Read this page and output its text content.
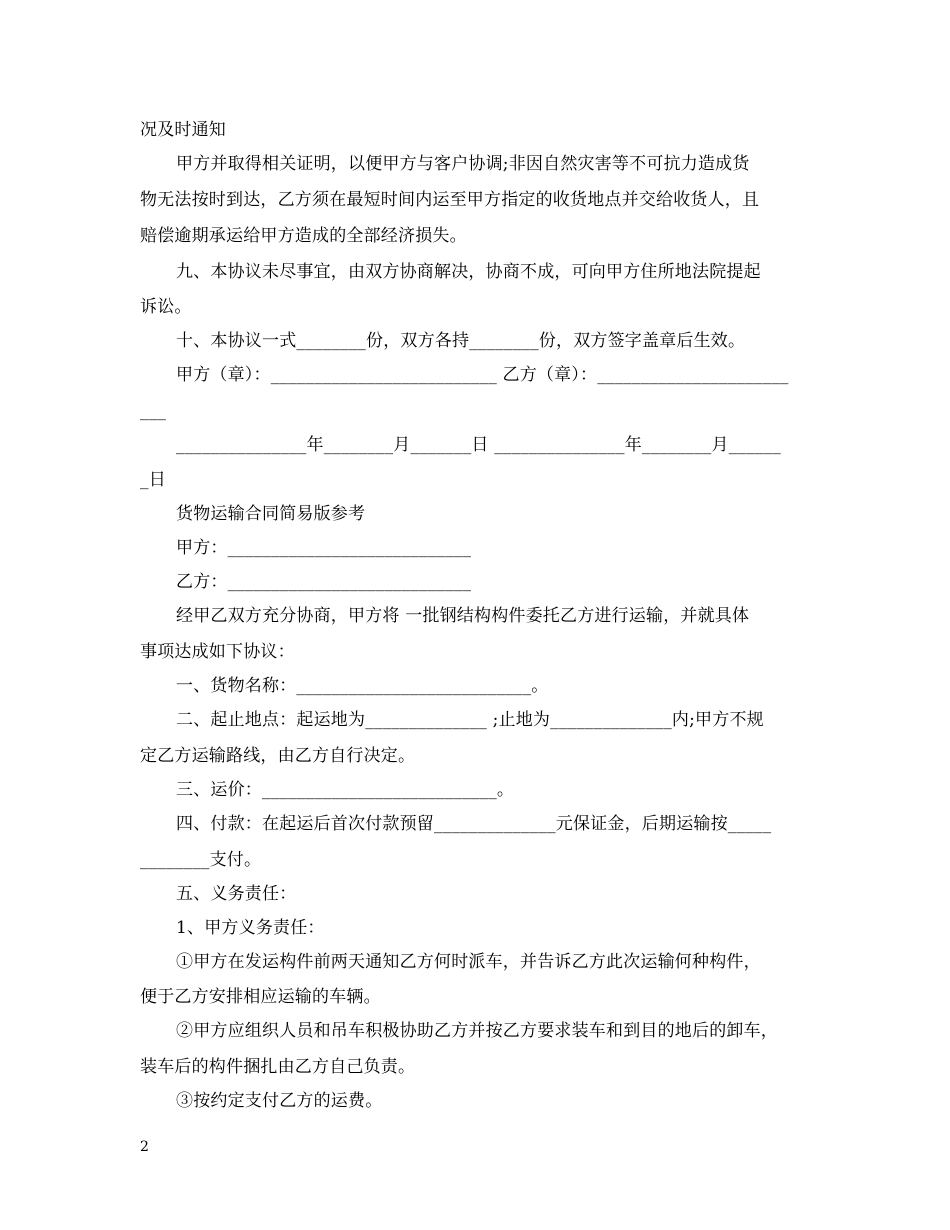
况及时通知
甲方并取得相关证明，以便甲方与客户协调;非因自然灾害等不可抗力造成货
物无法按时到达，乙方须在最短时间内运至甲方指定的收货地点并交给收货人，且
赔偿逾期承运给甲方造成的全部经济损失。
九、本协议未尽事宜，由双方协商解决，协商不成，可向甲方住所地法院提起
诉讼。
十、本协议一式________份，双方各持________份，双方签字盖章后生效。
甲方（章）：__________________________ 乙方（章）：______________________
___
_______________年________月_______日 _______________年________月______
_日
货物运输合同简易版参考
甲方：____________________________
乙方：____________________________
经甲乙双方充分协商，甲方将 一批钢结构构件委托乙方进行运输，并就具体
事项达成如下协议：
一、货物名称：___________________________。
二、起止地点：起运地为______________ ;止地为______________内;甲方不规
定乙方运输路线，由乙方自行决定。
三、运价：___________________________。
四、付款：在起运后首次付款预留______________元保证金，后期运输按_____
________支付。
五、义务责任：
1、甲方义务责任：
①甲方在发运构件前两天通知乙方何时派车，并告诉乙方此次运输何种构件，
便于乙方安排相应运输的车辆。
②甲方应组织人员和吊车积极协助乙方并按乙方要求装车和到目的地后的卸车，
装车后的构件捆扎由乙方自己负责。
③按约定支付乙方的运费。
2
